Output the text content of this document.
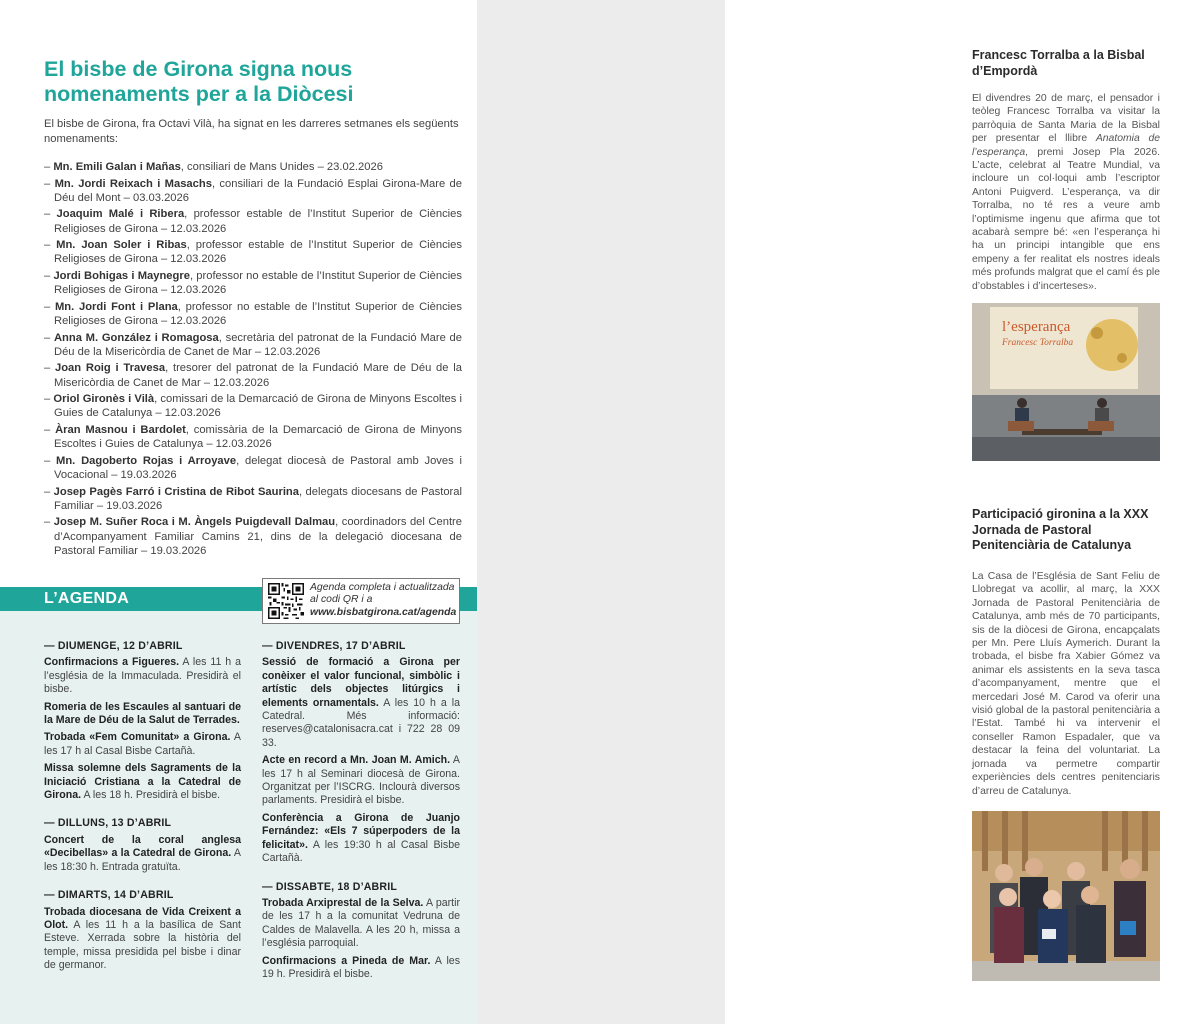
El bisbe de Girona signa nous nomenaments per a la Diòcesi

El bisbe de Girona, fra Octavi Vilà, ha signat en les darreres setmanes els següents nomenaments:

– Mn. Emili Galan i Mañas, consiliari de Mans Unides – 23.02.2026
– Mn. Jordi Reixach i Masachs, consiliari de la Fundació Esplai Girona-Mare de Déu del Mont – 03.03.2026
– Joaquim Malé i Ribera, professor estable de l’Institut Superior de Ciències Religioses de Girona – 12.03.2026
– Mn. Joan Soler i Ribas, professor estable de l’Institut Superior de Ciències Religioses de Girona – 12.03.2026
– Jordi Bohigas i Maynegre, professor no estable de l’Institut Superior de Ciències Religioses de Girona – 12.03.2026
– Mn. Jordi Font i Plana, professor no estable de l’Institut Superior de Ciències Religioses de Girona – 12.03.2026
– Anna M. González i Romagosa, secretària del patronat de la Fundació Mare de Déu de la Misericòrdia de Canet de Mar – 12.03.2026
– Joan Roig i Travesa, tresorer del patronat de la Fundació Mare de Déu de la Misericòrdia de Canet de Mar – 12.03.2026
– Oriol Gironès i Vilà, comissari de la Demarcació de Girona de Minyons Escoltes i Guies de Catalunya – 12.03.2026
– Àran Masnou i Bardolet, comissària de la Demarcació de Girona de Minyons Escoltes i Guies de Catalunya – 12.03.2026
– Mn. Dagoberto Rojas i Arroyave, delegat diocesà de Pastoral amb Joves i Vocacional – 19.03.2026
– Josep Pagès Farró i Cristina de Ribot Saurina, delegats diocesans de Pastoral Familiar – 19.03.2026
– Josep M. Suñer Roca i M. Àngels Puigdevall Dalmau, coordinadors del Centre d’Acompanyament Familiar Camins 21, dins de la delegació diocesana de Pastoral Familiar – 19.03.2026
L’AGENDA
Agenda completa i actualitzada al codi QR i a www.bisbatgirona.cat/agenda
— DIUMENGE, 12 D’ABRIL
Confirmacions a Figueres. A les 11 h a l’església de la Immaculada. Presidirà el bisbe.
Romeria de les Escaules al santuari de la Mare de Déu de la Salut de Terrades.
Trobada «Fem Comunitat» a Girona. A les 17 h al Casal Bisbe Cartañà.
Missa solemne dels Sagraments de la Iniciació Cristiana a la Catedral de Girona. A les 18 h. Presidirà el bisbe.
— DILLUNS, 13 D’ABRIL
Concert de la coral anglesa «Decibellas» a la Catedral de Girona. A les 18:30 h. Entrada gratuïta.
— DIMARTS, 14 D’ABRIL
Trobada diocesana de Vida Creixent a Olot. A les 11 h a la basílica de Sant Esteve. Xerrada sobre la història del temple, missa presidida pel bisbe i dinar de germanor.
— DIVENDRES, 17 D’ABRIL
Sessió de formació a Girona per conèixer el valor funcional, simbòlic i artístic dels objectes litúrgics i elements ornamentals. A les 10 h a la Catedral. Més informació: reserves@catalonisacra.cat i 722 28 09 33.
Acte en record a Mn. Joan M. Amich. A les 17 h al Seminari diocesà de Girona. Organitzat per l’ISCRG. Inclourà diversos parlaments. Presidirà el bisbe.
Conferència a Girona de Juanjo Fernández: «Els 7 súperpoders de la felicitat». A les 19:30 h al Casal Bisbe Cartañà.
— DISSABTE, 18 D’ABRIL
Trobada Arxiprestal de la Selva. A partir de les 17 h a la comunitat Vedruna de Caldes de Malavella. A les 20 h, missa a l’església parroquial.
Confirmacions a Pineda de Mar. A les 19 h. Presidirà el bisbe.
Francesc Torralba a la Bisbal d’Empordà

El divendres 20 de març, el pensador i teòleg Francesc Torralba va visitar la parròquia de Santa Maria de la Bisbal per presentar el llibre Anatomia de l’esperança, premi Josep Pla 2026. L’acte, celebrat al Teatre Mundial, va incloure un col·loqui amb l’escriptor Antoni Puigverd. L’esperança, va dir Torralba, no té res a veure amb l’optimisme ingenu que afirma que tot acabarà sempre bé: «en l’esperança hi ha un principi intangible que ens empeny a fer realitat els nostres ideals més profunds malgrat que el camí és ple d’obstables i d’incerteses».

l’esperança
Francesc Torralba
Participació gironina a la XXX Jornada de Pastoral Penitenciària de Catalunya

La Casa de l’Església de Sant Feliu de Llobregat va acollir, al març, la XXX Jornada de Pastoral Penitenciària de Catalunya, amb més de 70 participants, sis de la diòcesi de Girona, encapçalats per Mn. Pere Lluís Aymerich. Durant la trobada, el bisbe fra Xabier Gómez va animar els assistents en la seva tasca d’acompanyament, mentre que el mercedari José M. Carod va oferir una visió global de la pastoral penitenciària a l’Estat. També hi va intervenir el conseller Ramon Espadaler, que va destacar la feina del voluntariat. La jornada va permetre compartir experiències dels centres penitenciaris d’arreu de Catalunya.
